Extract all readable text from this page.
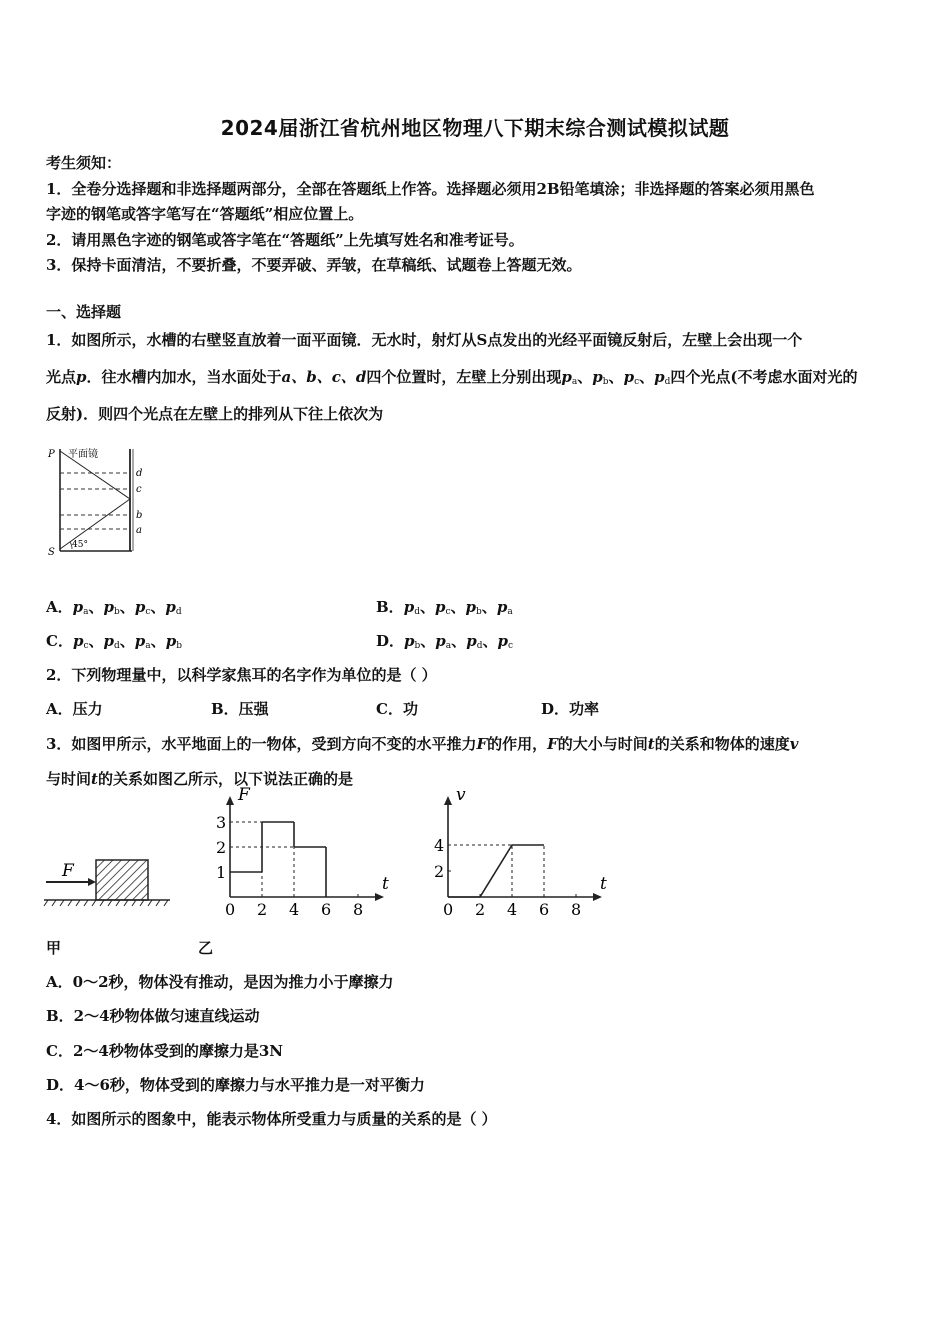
2024届浙江省杭州地区物理八下期末综合测试模拟试题
考生须知：
1．全卷分选择题和非选择题两部分，全部在答题纸上作答。选择题必须用2B铅笔填涂；非选择题的答案必须用黑色
字迹的钢笔或答字笔写在“答题纸”相应位置上。
2．请用黑色字迹的钢笔或答字笔在“答题纸”上先填写姓名和准考证号。
3．保持卡面清洁，不要折叠，不要弄破、弄皱，在草稿纸、试题卷上答题无效。
一、选择题
1．如图所示，水槽的右壁竖直放着一面平面镜．无水时，射灯从S点发出的光经平面镜反射后，左壁上会出现一个
光点p．往水槽内加水，当水面处于a、b、c、d四个位置时，左壁上分别出现$p_a$、$p_b$、$p_c$、$p_d$四个光点(不考虑水面对光的
反射)．则四个光点在左壁上的排列从下往上依次为
平面镜
P
S
45°
d
c
b
a
A．$p_a$、$p_b$、$p_c$、$p_d$	B．$p_d$、$p_c$、$p_b$、$p_a$
C．$p_c$、$p_d$、$p_a$、$p_b$	D．$p_b$、$p_a$、$p_d$、$p_c$
2．下列物理量中，以科学家焦耳的名字作为单位的是（ ）
A．压力	B．压强	C．功	D．功率
3．如图甲所示，水平地面上的一物体，受到方向不变的水平推力F的作用，F的大小与时间t的关系和物体的速度v
与时间t的关系如图乙所示，以下说法正确的是
F
0 2 4 6 8
1
2
3
t
F
0 2 4 6 8
2
4
t
v
甲	乙
A．0～2秒，物体没有推动，是因为推力小于摩擦力
B．2～4秒物体做匀速直线运动
C．2～4秒物体受到的摩擦力是3N
D．4～6秒，物体受到的摩擦力与水平推力是一对平衡力
4．如图所示的图象中，能表示物体所受重力与质量的关系的是（ ）
